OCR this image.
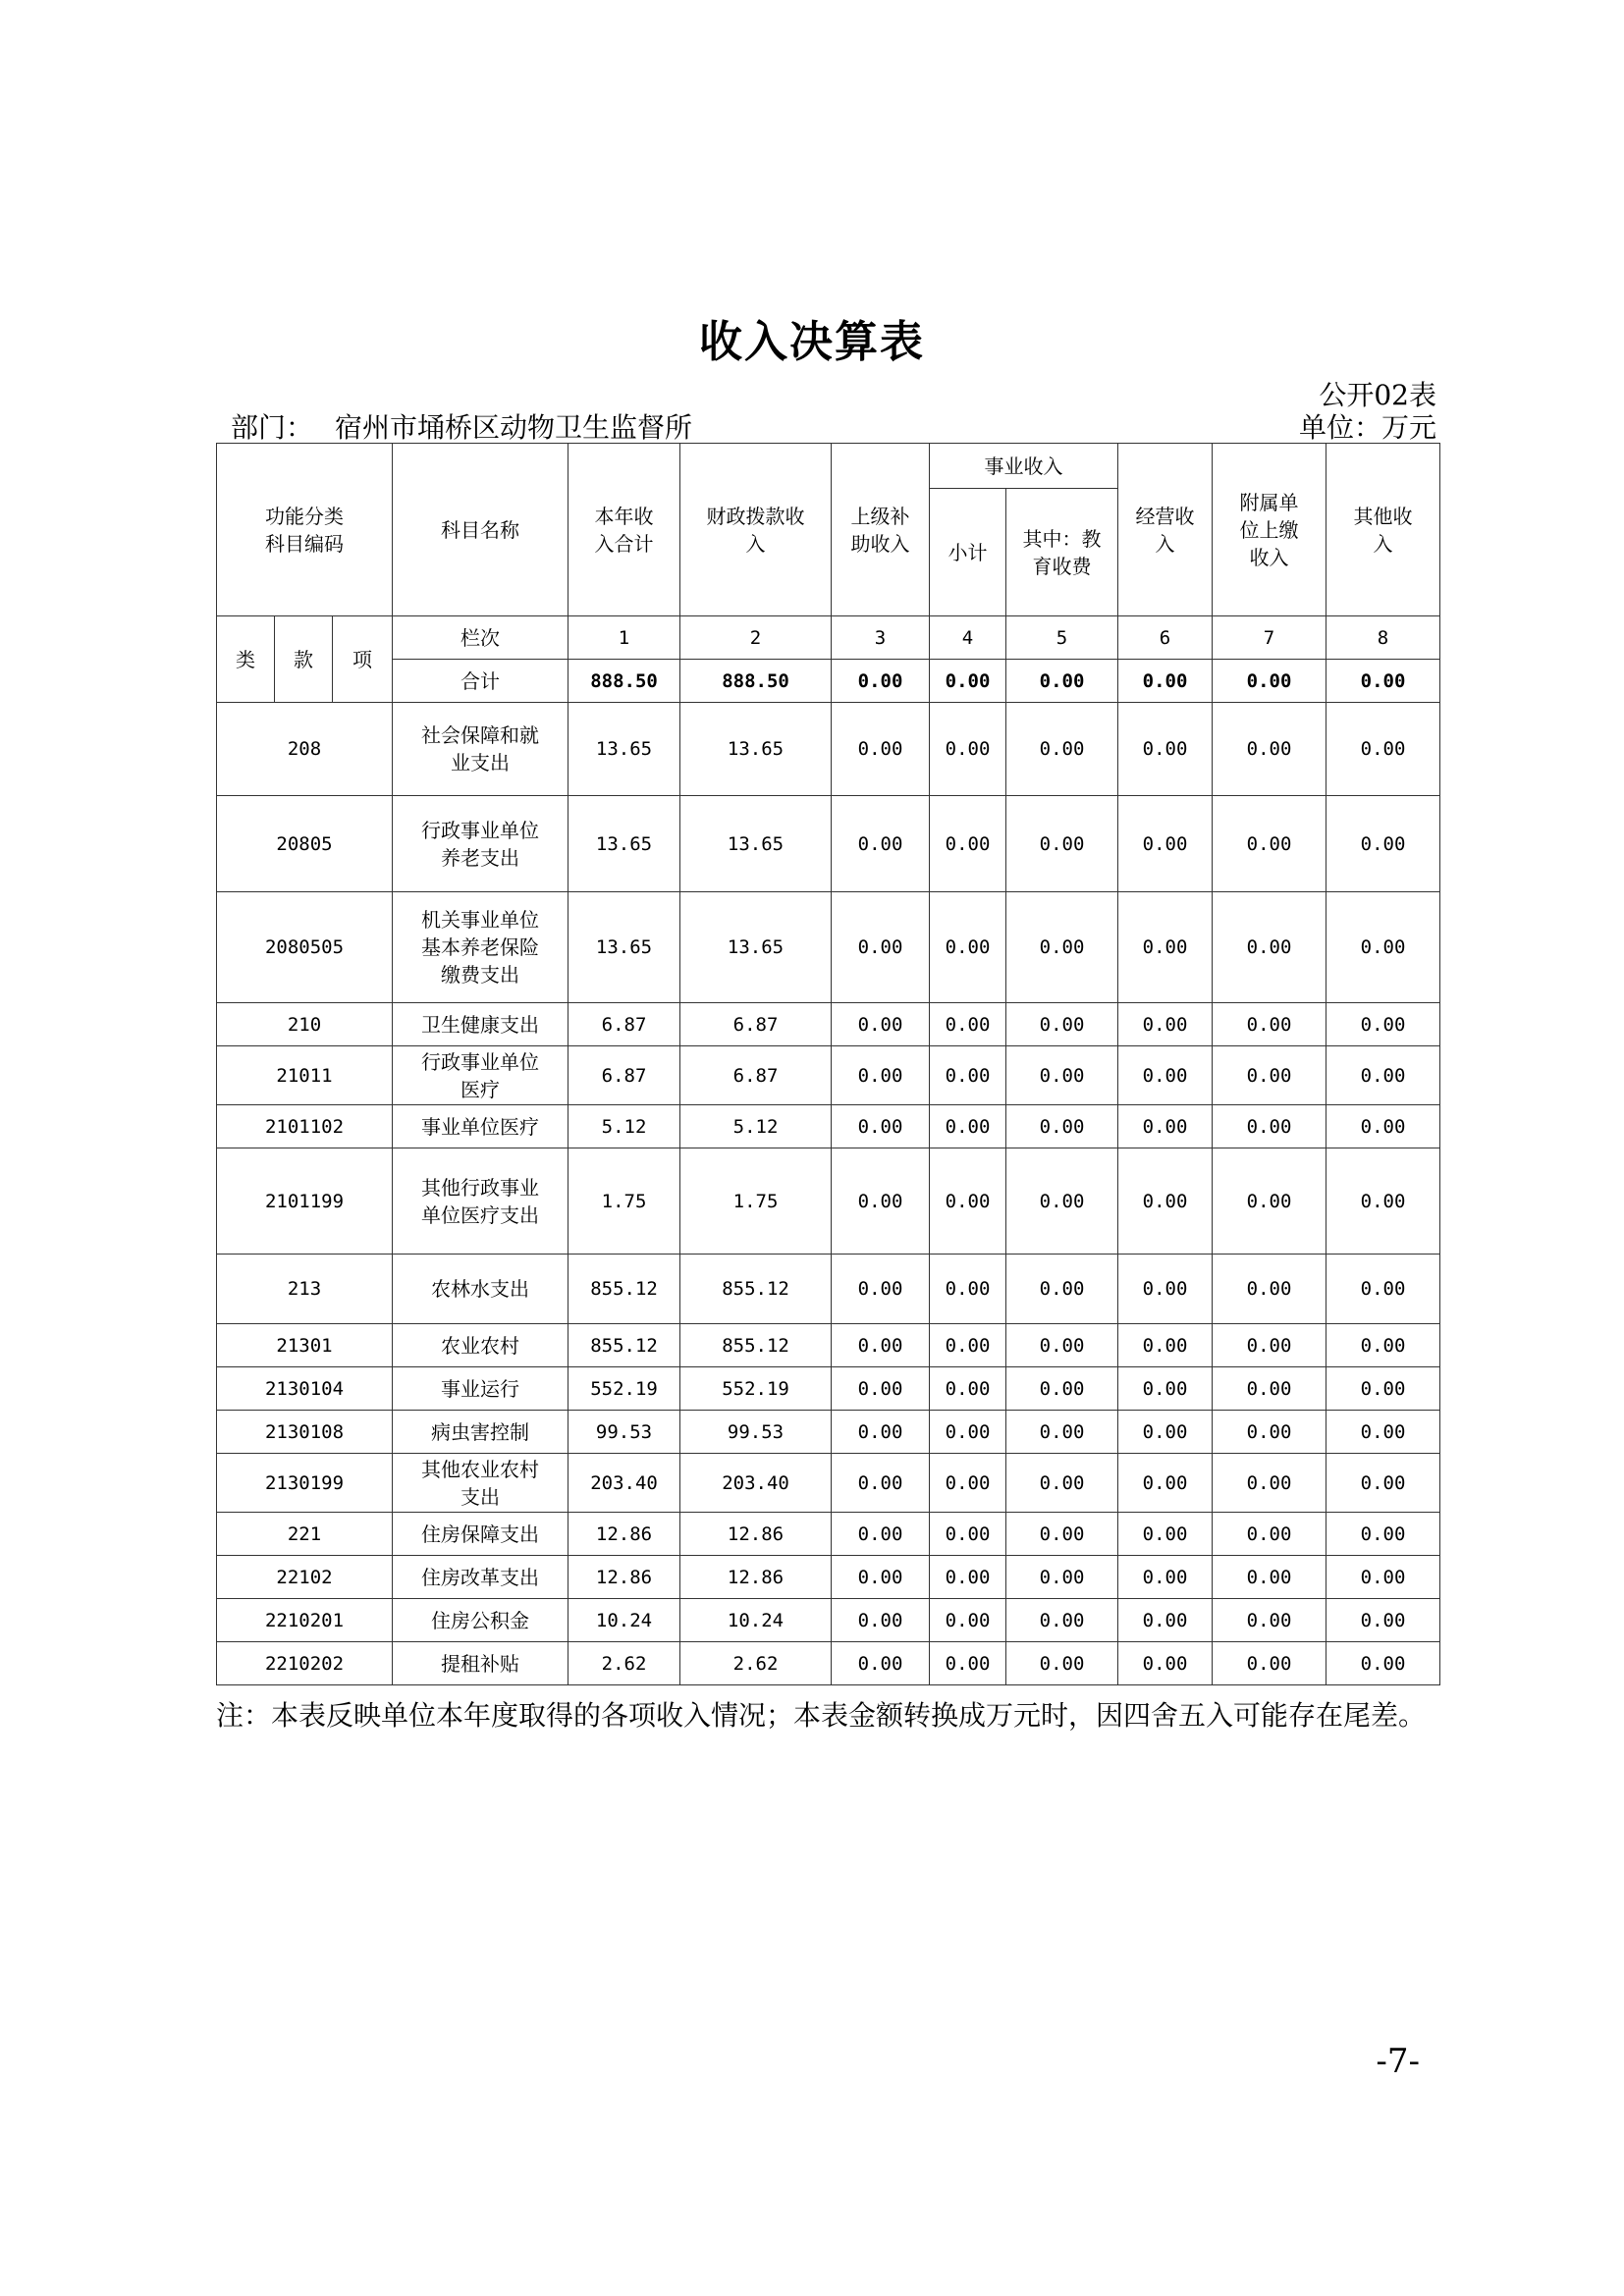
收入决算表
公开02表
部门： 宿州市埇桥区动物卫生监督所	单位：万元
功能分类科目编码			科目名称	本年收入合计	财政拨款收入	上级补助收入	事业收入		经营收入	附属单位上缴收入	其他收入
							小计	其中：教育收费			
类	款	项	栏次	1	2	3	4	5	6	7	8
			合计	888.50	888.50	0.00	0.00	0.00	0.00	0.00	0.00
208			社会保障和就业支出	13.65	13.65	0.00	0.00	0.00	0.00	0.00	0.00
20805			行政事业单位养老支出	13.65	13.65	0.00	0.00	0.00	0.00	0.00	0.00
2080505			机关事业单位基本养老保险缴费支出	13.65	13.65	0.00	0.00	0.00	0.00	0.00	0.00
210			卫生健康支出	6.87	6.87	0.00	0.00	0.00	0.00	0.00	0.00
21011			行政事业单位医疗	6.87	6.87	0.00	0.00	0.00	0.00	0.00	0.00
2101102			事业单位医疗	5.12	5.12	0.00	0.00	0.00	0.00	0.00	0.00
2101199			其他行政事业单位医疗支出	1.75	1.75	0.00	0.00	0.00	0.00	0.00	0.00
213			农林水支出	855.12	855.12	0.00	0.00	0.00	0.00	0.00	0.00
21301			农业农村	855.12	855.12	0.00	0.00	0.00	0.00	0.00	0.00
2130104			事业运行	552.19	552.19	0.00	0.00	0.00	0.00	0.00	0.00
2130108			病虫害控制	99.53	99.53	0.00	0.00	0.00	0.00	0.00	0.00
2130199			其他农业农村支出	203.40	203.40	0.00	0.00	0.00	0.00	0.00	0.00
221			住房保障支出	12.86	12.86	0.00	0.00	0.00	0.00	0.00	0.00
22102			住房改革支出	12.86	12.86	0.00	0.00	0.00	0.00	0.00	0.00
2210201			住房公积金	10.24	10.24	0.00	0.00	0.00	0.00	0.00	0.00
2210202			提租补贴	2.62	2.62	0.00	0.00	0.00	0.00	0.00	0.00
注：本表反映单位本年度取得的各项收入情况；本表金额转换成万元时，因四舍五入可能存在尾差。
-7-
